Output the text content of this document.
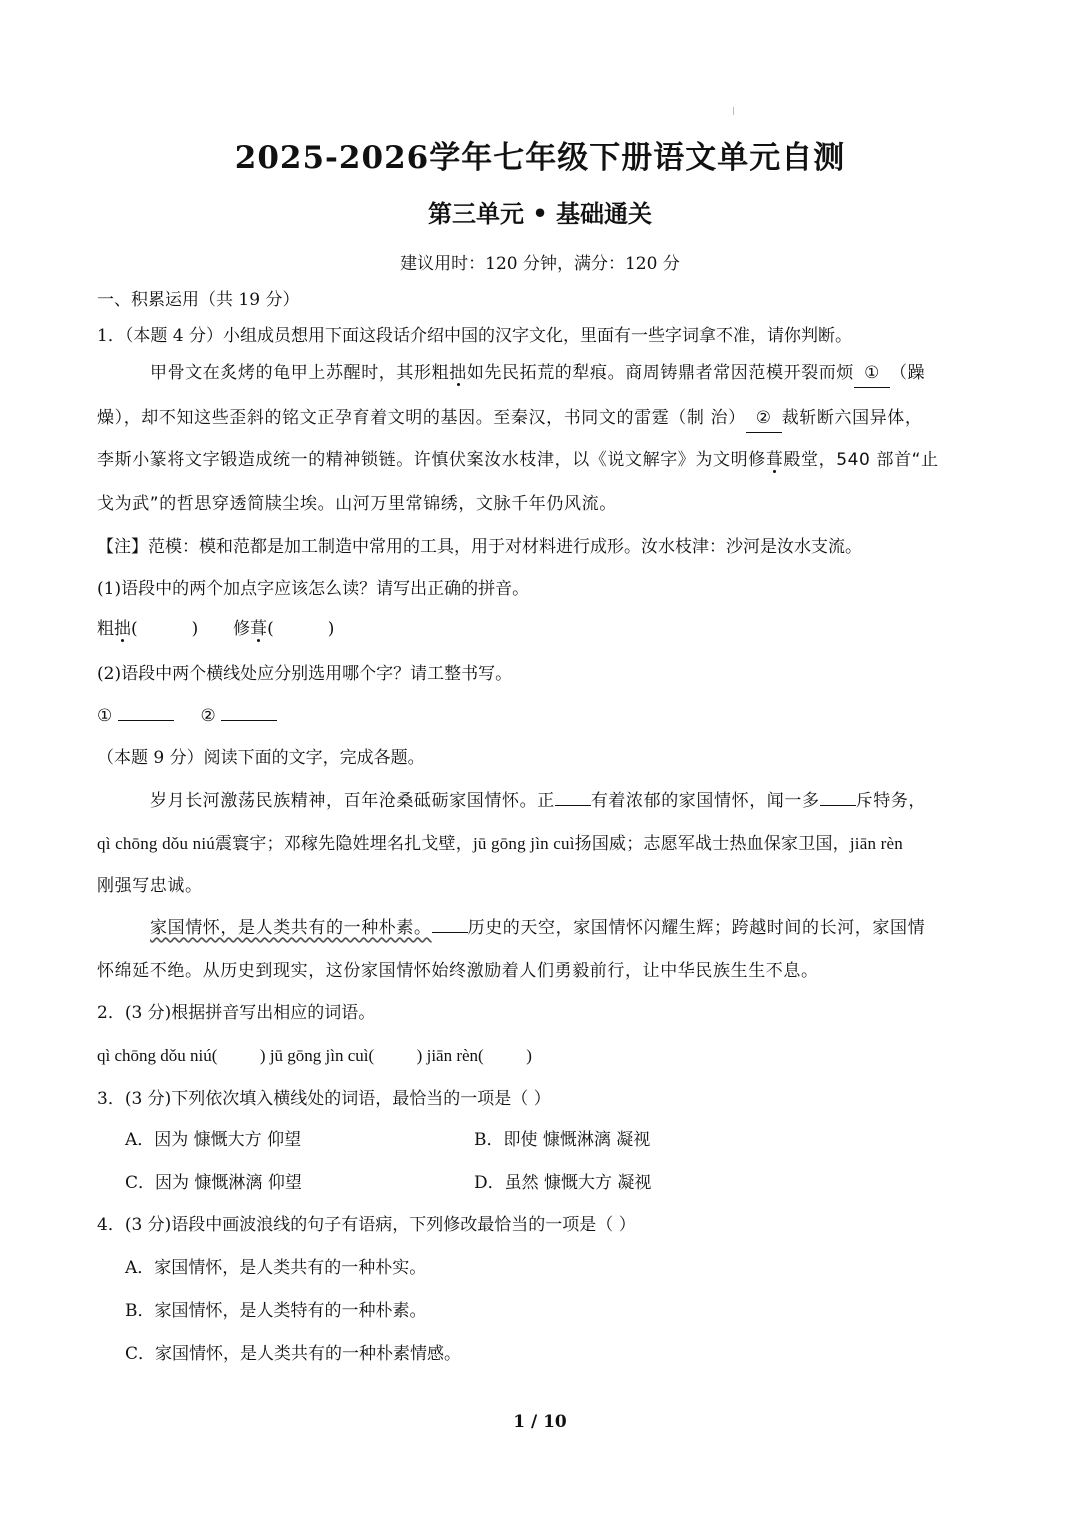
2025-2026学年七年级下册语文单元自测
第三单元 • 基础通关
建议用时：120 分钟，满分：120 分
一、积累运用（共 19 分）
1．（本题 4 分）小组成员想用下面这段话介绍中国的汉字文化，里面有一些字词拿不准，请你判断。
甲骨文在炙烤的龟甲上苏醒时，其形粗拙如先民拓荒的犁痕。商周铸鼎者常因范模开裂而烦 ① （躁
燥），却不知这些歪斜的铭文正孕育着文明的基因。至秦汉，书同文的雷霆（制 治） ② 裁斩断六国异体，
李斯小篆将文字锻造成统一的精神锁链。许慎伏案汝水枝津，以《说文解字》为文明修葺殿堂，540 部首“止
戈为武”的哲思穿透简牍尘埃。山河万里常锦绣，文脉千年仍风流。
【注】范模：模和范都是加工制造中常用的工具，用于对材料进行成形。汝水枝津：沙河是汝水支流。
(1)语段中的两个加点字应该怎么读？请写出正确的拼音。
粗拙(          ) 修葺(          )
(2)语段中两个横线处应分别选用哪个字？请工整书写。
①	②
（本题 9 分）阅读下面的文字，完成各题。
岁月长河激荡民族精神，百年沧桑砥砺家国情怀。正 有着浓郁的家国情怀，闻一多 斥特务，
qì chōng dǒu niú震寰宇；邓稼先隐姓埋名扎戈壁，jū gōng jìn cuì扬国威；志愿军战士热血保家卫国，jiān rèn
刚强写忠诚。
家国情怀，是人类共有的一种朴素。 历史的天空，家国情怀闪耀生辉；跨越时间的长河，家国情
怀绵延不绝。从历史到现实，这份家国情怀始终激励着人们勇毅前行，让中华民族生生不息。
2．(3 分)根据拼音写出相应的词语。
qì chōng dǒu niú(          ) jū gōng jìn cuì(          ) jiān rèn(          )
3．(3 分)下列依次填入横线处的词语，最恰当的一项是（ ）
A．因为 慷慨大方 仰望	B．即使 慷慨淋漓 凝视
C．因为 慷慨淋漓 仰望	D．虽然 慷慨大方 凝视
4．(3 分)语段中画波浪线的句子有语病，下列修改最恰当的一项是（ ）
A．家国情怀，是人类共有的一种朴实。
B．家国情怀，是人类特有的一种朴素。
C．家国情怀，是人类共有的一种朴素情感。
1 / 10
